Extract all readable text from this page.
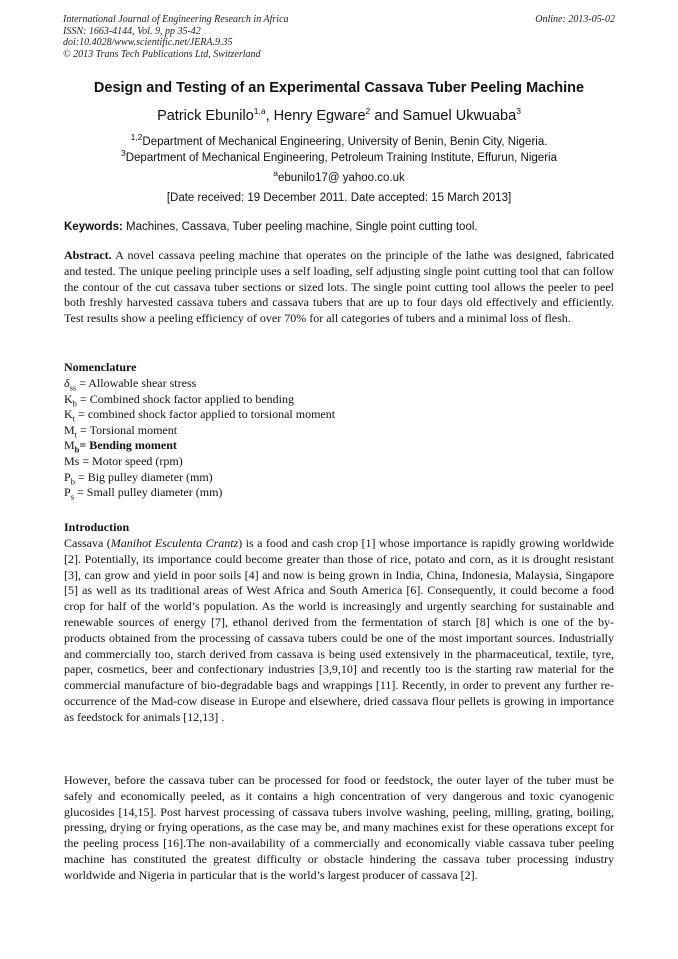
International Journal of Engineering Research in Africa
ISSN: 1663-4144, Vol. 9, pp 35-42
doi:10.4028/www.scientific.net/JERA.9.35
© 2013 Trans Tech Publications Ltd, Switzerland
Online: 2013-05-02
Design and Testing of an Experimental Cassava Tuber Peeling Machine
Patrick Ebunilo$^{1,a}$, Henry Egware$^2$ and Samuel Ukwuaba$^3$
$^{1,2}$Department of Mechanical Engineering, University of Benin, Benin City, Nigeria.
$^3$Department of Mechanical Engineering, Petroleum Training Institute, Effurun, Nigeria
$^a$ebunilo17@ yahoo.co.uk
[Date received: 19 December 2011. Date accepted: 15 March 2013]
Keywords: Machines, Cassava, Tuber peeling machine, Single point cutting tool.

Abstract. A novel cassava peeling machine that operates on the principle of the lathe was designed, fabricated and tested. The unique peeling principle uses a self loading, self adjusting single point cutting tool that can follow the contour of the cut cassava tuber sections or sized lots. The single point cutting tool allows the peeler to peel both freshly harvested cassava tubers and cassava tubers that are up to four days old effectively and efficiently. Test results show a peeling efficiency of over 70% for all categories of tubers and a minimal loss of flesh.

Nomenclature
$\delta_{ss}$ = Allowable shear stress
$K_b$ = Combined shock factor applied to bending
$K_t$ = combined shock factor applied to torsional moment
$M_t$ = Torsional moment
$M_b=$ Bending moment
Ms = Motor speed (rpm)
$P_b$ = Big pulley diameter (mm)
$P_s$ = Small pulley diameter (mm)
Introduction

Cassava (Manihot Esculenta Crantz) is a food and cash crop [1] whose importance is rapidly growing worldwide [2]. Potentially, its importance could become greater than those of rice, potato and corn, as it is drought resistant [3], can grow and yield in poor soils [4] and now is being grown in India, China, Indonesia, Malaysia, Singapore [5] as well as its traditional areas of West Africa and South America [6]. Consequently, it could become a food crop for half of the world’s population. As the world is increasingly and urgently searching for sustainable and renewable sources of energy [7], ethanol derived from the fermentation of starch [8] which is one of the by-products obtained from the processing of cassava tubers could be one of the most important sources. Industrially and commercially too, starch derived from cassava is being used extensively in the pharmaceutical, textile, tyre, paper, cosmetics, beer and confectionary industries [3,9,10] and recently too is the starting raw material for the commercial manufacture of bio-degradable bags and wrappings [11]. Recently, in order to prevent any further re-occurrence of the Mad-cow disease in Europe and elsewhere, dried cassava flour pellets is growing in importance as feedstock for animals [12,13] .

However, before the cassava tuber can be processed for food or feedstock, the outer layer of the tuber must be safely and economically peeled, as it contains a high concentration of very dangerous and toxic cyanogenic glucosides [14,15]. Post harvest processing of cassava tubers involve washing, peeling, milling, grating, boiling, pressing, drying or frying operations, as the case may be, and many machines exist for these operations except for the peeling process [16].The non-availability of a commercially and economically viable cassava tuber peeling machine has constituted the greatest difficulty or obstacle hindering the cassava tuber processing industry worldwide and Nigeria in particular that is the world’s largest producer of cassava [2].
